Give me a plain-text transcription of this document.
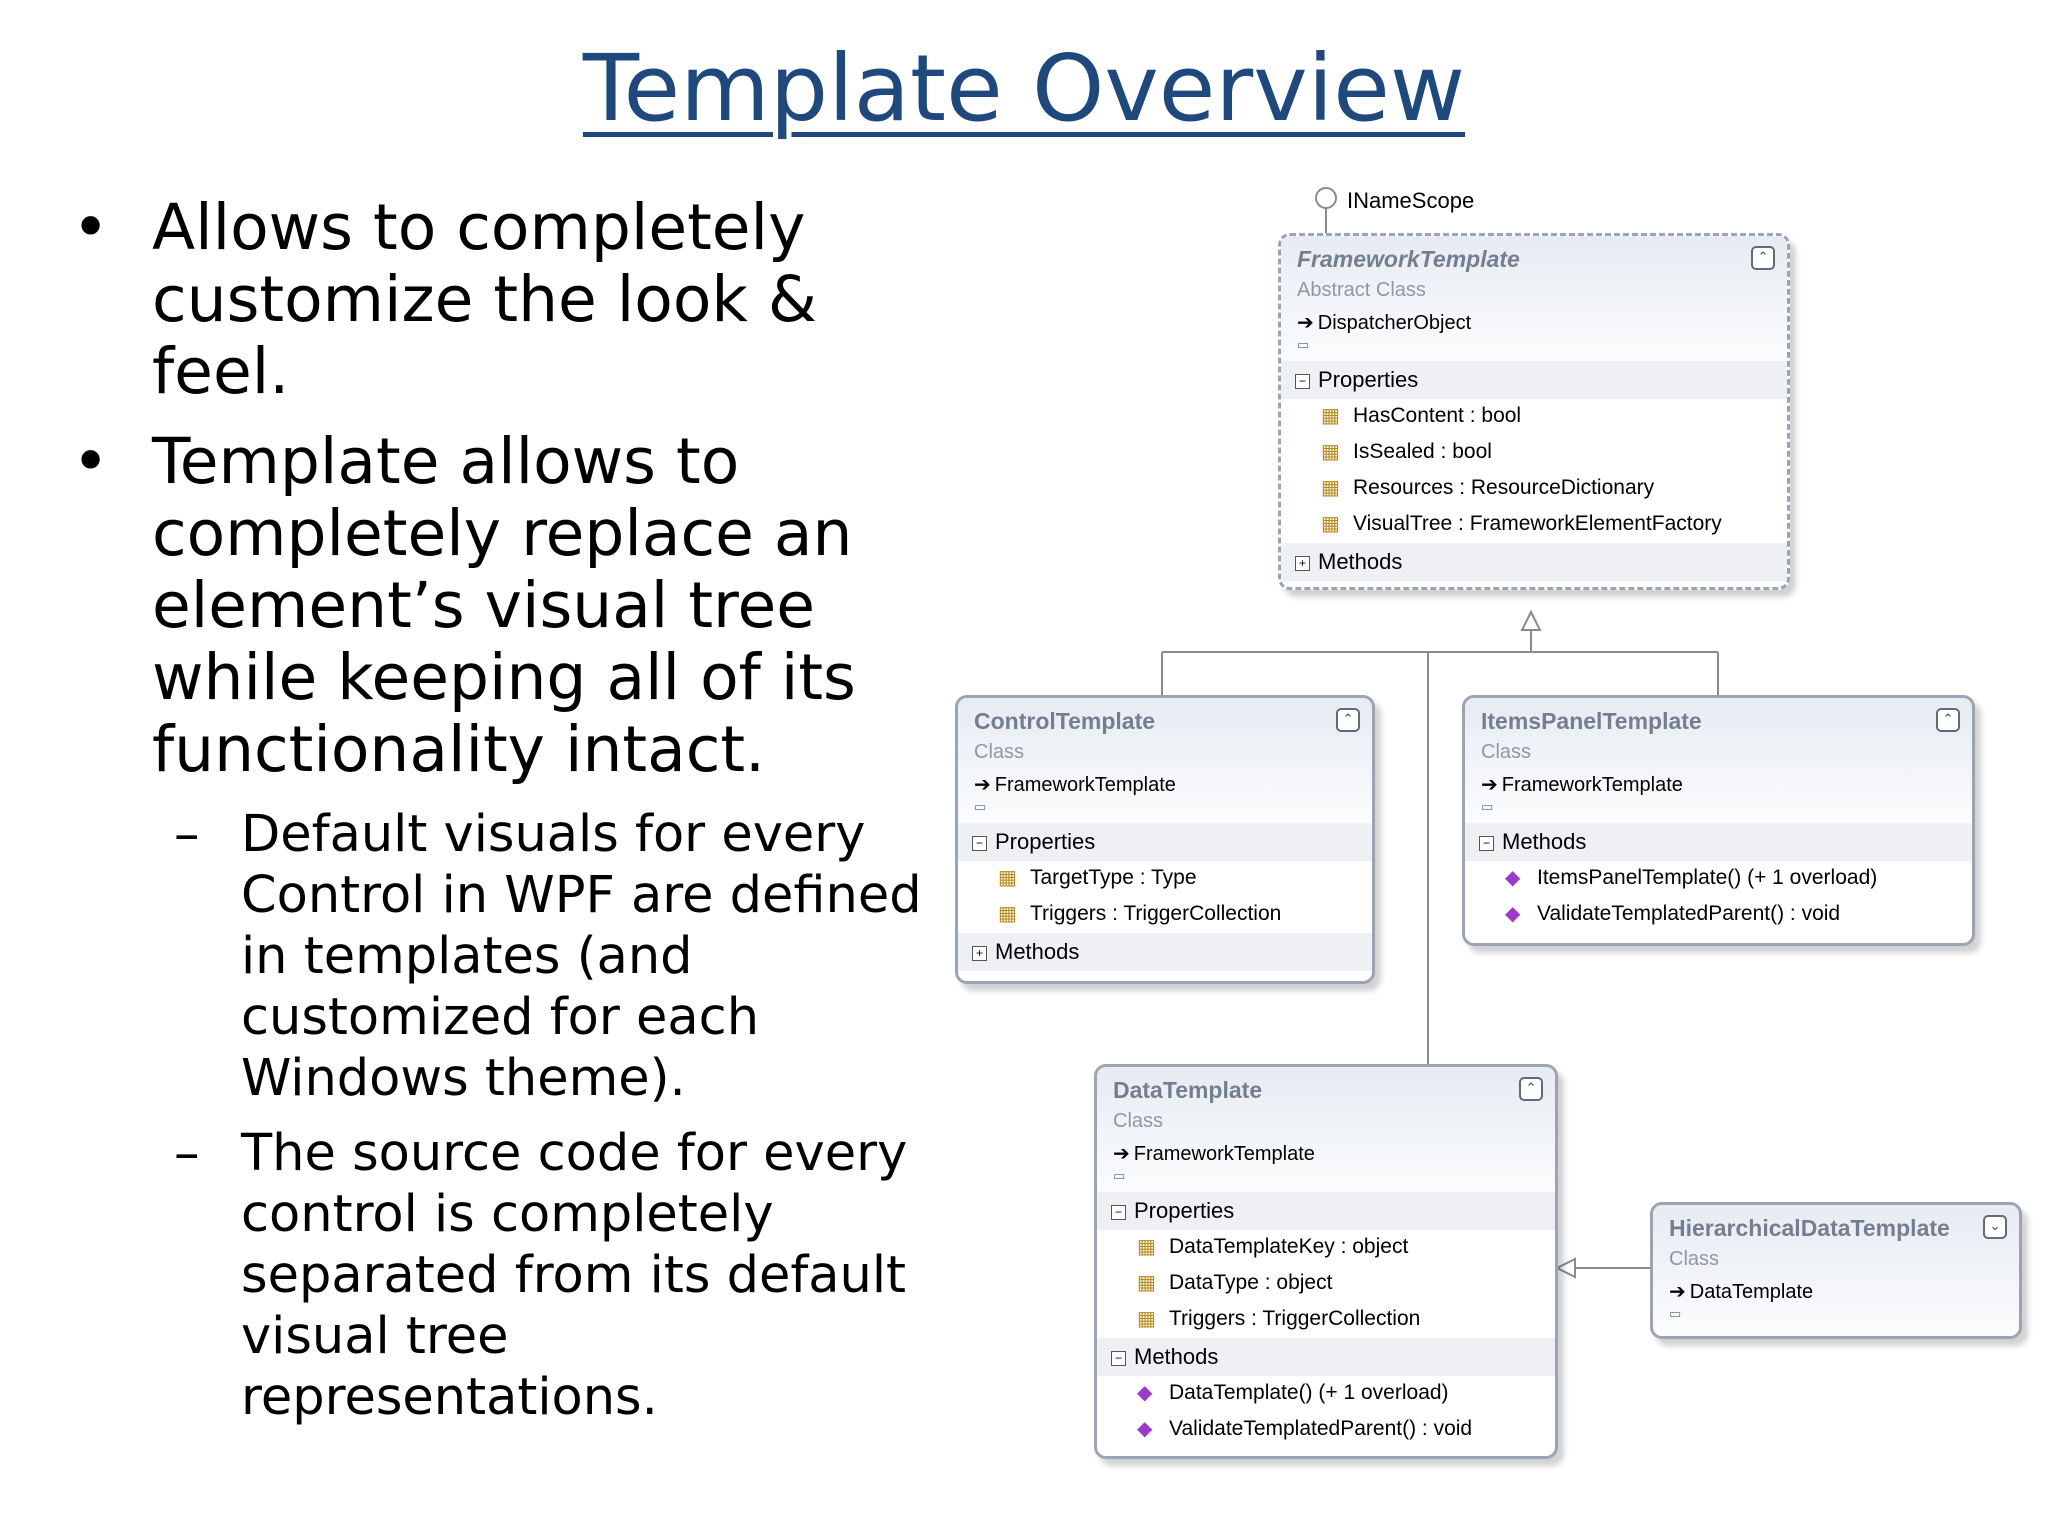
Template Overview
• Allows to completely customize the look & feel.
• Template allows to completely replace an element’s visual tree while keeping all of its functionality intact.
– Default visuals for every Control in WPF are defined in templates (and customized for each Windows theme).
– The source code for every control is completely separated from its default visual tree representations.
INameScope
FrameworkTemplate
Abstract Class
➔ DispatcherObject
▭
⌃
− Properties
▦ HasContent : bool
▦ IsSealed : bool
▦ Resources : ResourceDictionary
▦ VisualTree : FrameworkElementFactory
+ Methods
ControlTemplate
Class
➔ FrameworkTemplate
▭
⌃
− Properties
▦ TargetType : Type
▦ Triggers : TriggerCollection
+ Methods
ItemsPanelTemplate
Class
➔ FrameworkTemplate
▭
⌃
− Methods
◆ ItemsPanelTemplate() (+ 1 overload)
◆ ValidateTemplatedParent() : void
DataTemplate
Class
➔ FrameworkTemplate
▭
⌃
− Properties
▦ DataTemplateKey : object
▦ DataType : object
▦ Triggers : TriggerCollection
− Methods
◆ DataTemplate() (+ 1 overload)
◆ ValidateTemplatedParent() : void
HierarchicalDataTemplate
Class
➔ DataTemplate
▭
⌄
